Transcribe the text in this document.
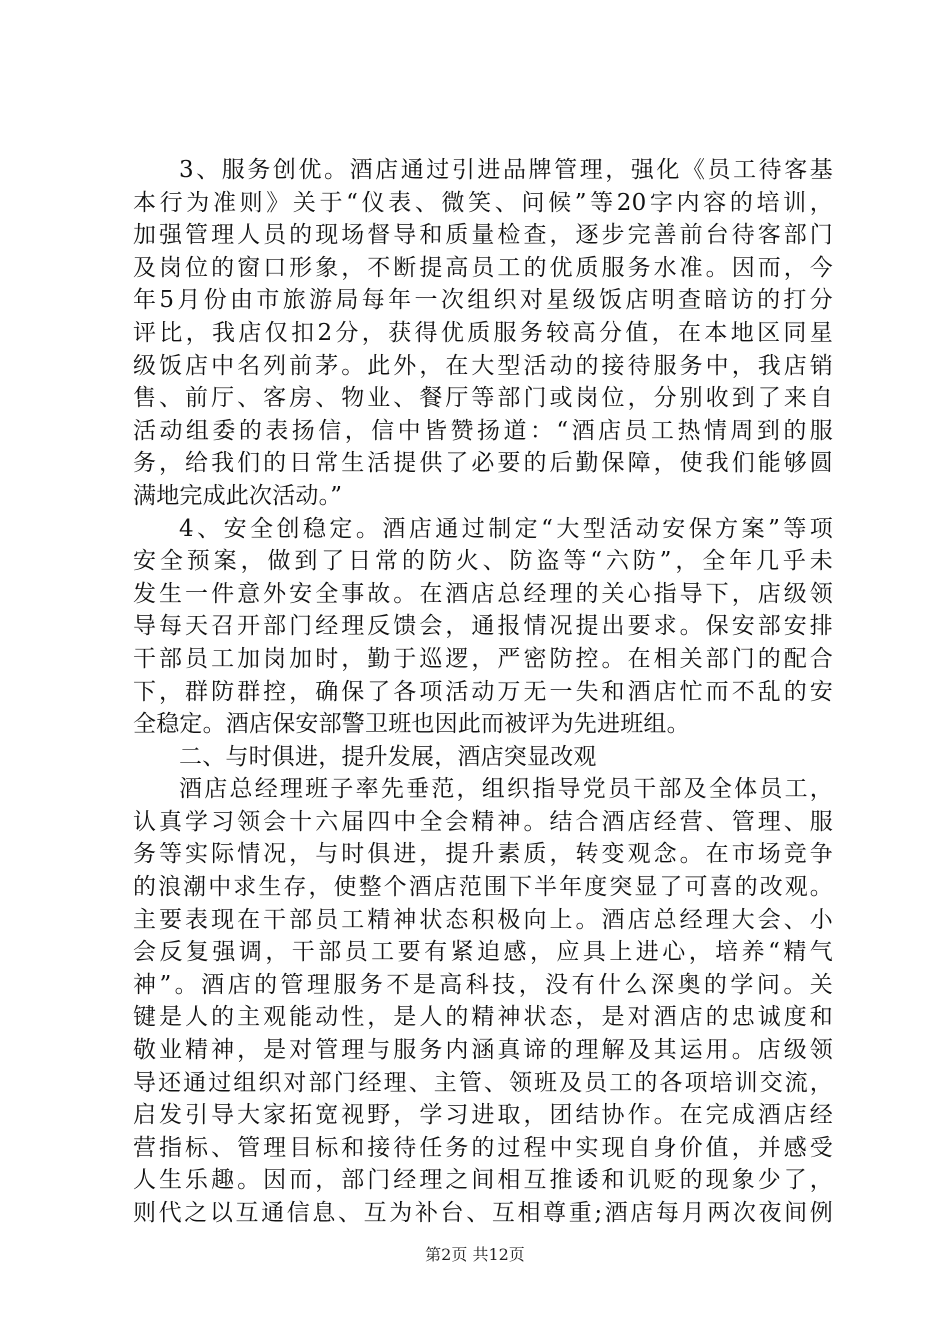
3、服务创优。酒店通过引进品牌管理，强化《员工待客基
本行为准则》关于“仪表、微笑、问候”等20字内容的培训，
加强管理人员的现场督导和质量检查，逐步完善前台待客部门
及岗位的窗口形象，不断提高员工的优质服务水准。因而，今
年5月份由市旅游局每年一次组织对星级饭店明查暗访的打分
评比，我店仅扣2分，获得优质服务较高分值，在本地区同星
级饭店中名列前茅。此外，在大型活动的接待服务中，我店销
售、前厅、客房、物业、餐厅等部门或岗位，分别收到了来自
活动组委的表扬信，信中皆赞扬道：“酒店员工热情周到的服
务，给我们的日常生活提供了必要的后勤保障，使我们能够圆
满地完成此次活动。”
4、安全创稳定。酒店通过制定“大型活动安保方案”等项
安全预案，做到了日常的防火、防盗等“六防”，全年几乎未
发生一件意外安全事故。在酒店总经理的关心指导下，店级领
导每天召开部门经理反馈会，通报情况提出要求。保安部安排
干部员工加岗加时，勤于巡逻，严密防控。在相关部门的配合
下，群防群控，确保了各项活动万无一失和酒店忙而不乱的安
全稳定。酒店保安部警卫班也因此而被评为先进班组。
二、与时俱进，提升发展，酒店突显改观
酒店总经理班子率先垂范，组织指导党员干部及全体员工，
认真学习领会十六届四中全会精神。结合酒店经营、管理、服
务等实际情况，与时俱进，提升素质，转变观念。在市场竞争
的浪潮中求生存，使整个酒店范围下半年度突显了可喜的改观。
主要表现在干部员工精神状态积极向上。酒店总经理大会、小
会反复强调，干部员工要有紧迫感，应具上进心，培养“精气
神”。酒店的管理服务不是高科技，没有什么深奥的学问。关
键是人的主观能动性，是人的精神状态，是对酒店的忠诚度和
敬业精神，是对管理与服务内涵真谛的理解及其运用。店级领
导还通过组织对部门经理、主管、领班及员工的各项培训交流，
启发引导大家拓宽视野，学习进取，团结协作。在完成酒店经
营指标、管理目标和接待任务的过程中实现自身价值，并感受
人生乐趣。因而，部门经理之间相互推诿和讥贬的现象少了，
则代之以互通信息、互为补台、互相尊重;酒店每月两次夜间例
第2页 共12页
